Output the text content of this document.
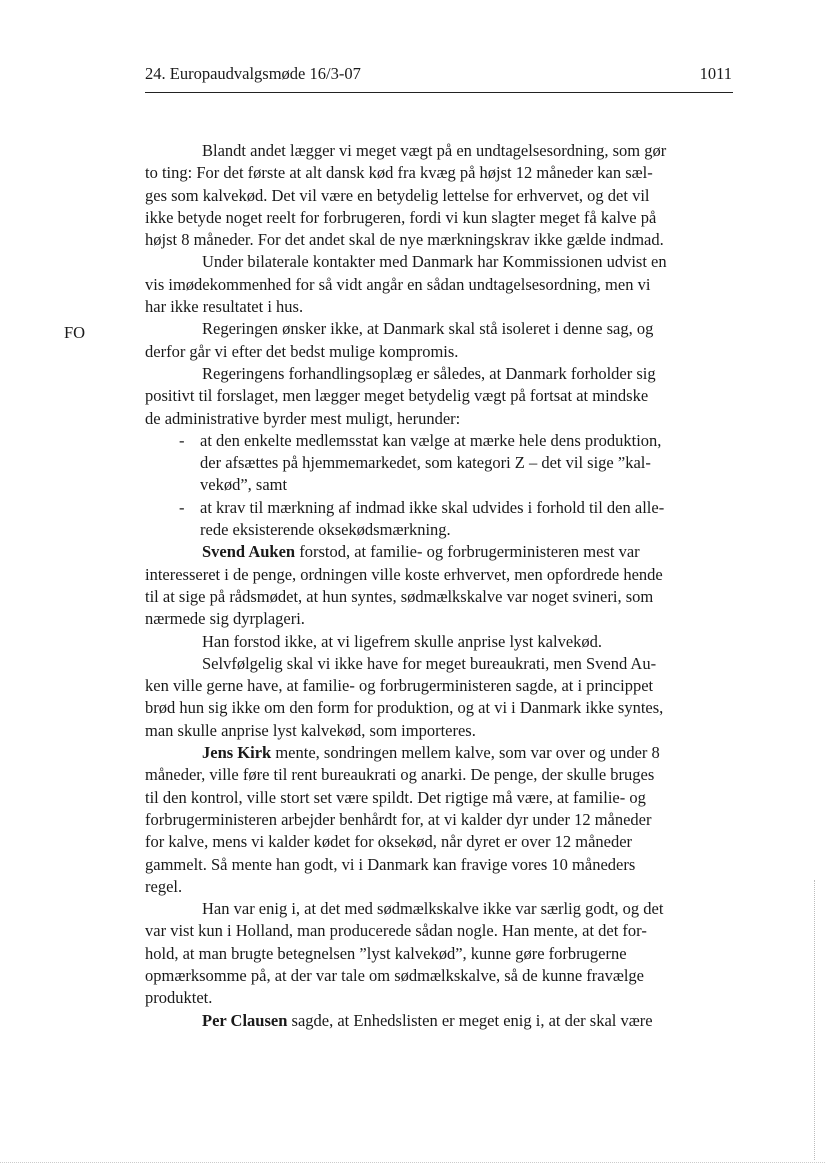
24. Europaudvalgsmøde 16/3-07	1011
FO

Blandt andet lægger vi meget vægt på en undtagelsesordning, som gør
to ting: For det første at alt dansk kød fra kvæg på højst 12 måneder kan sæl-
ges som kalvekød. Det vil være en betydelig lettelse for erhvervet, og det vil
ikke betyde noget reelt for forbrugeren, fordi vi kun slagter meget få kalve på
højst 8 måneder. For det andet skal de nye mærkningskrav ikke gælde indmad.

Under bilaterale kontakter med Danmark har Kommissionen udvist en
vis imødekommenhed for så vidt angår en sådan undtagelsesordning, men vi
har ikke resultatet i hus.

Regeringen ønsker ikke, at Danmark skal stå isoleret i denne sag, og
derfor går vi efter det bedst mulige kompromis.

Regeringens forhandlingsoplæg er således, at Danmark forholder sig
positivt til forslaget, men lægger meget betydelig vægt på fortsat at mindske
de administrative byrder mest muligt, herunder:

- at den enkelte medlemsstat kan vælge at mærke hele dens produktion,
der afsættes på hjemmemarkedet, som kategori Z – det vil sige ”kal-
vekød”, samt

- at krav til mærkning af indmad ikke skal udvides i forhold til den alle-
rede eksisterende oksekødsmærkning.

Svend Auken forstod, at familie- og forbrugerministeren mest var
interesseret i de penge, ordningen ville koste erhvervet, men opfordrede hende
til at sige på rådsmødet, at hun syntes, sødmælkskalve var noget svineri, som
nærmede sig dyrplageri.

Han forstod ikke, at vi ligefrem skulle anprise lyst kalvekød.

Selvfølgelig skal vi ikke have for meget bureaukrati, men Svend Au-
ken ville gerne have, at familie- og forbrugerministeren sagde, at i princippet
brød hun sig ikke om den form for produktion, og at vi i Danmark ikke syntes,
man skulle anprise lyst kalvekød, som importeres.

Jens Kirk mente, sondringen mellem kalve, som var over og under 8
måneder, ville føre til rent bureaukrati og anarki. De penge, der skulle bruges
til den kontrol, ville stort set være spildt. Det rigtige må være, at familie- og
forbrugerministeren arbejder benhårdt for, at vi kalder dyr under 12 måneder
for kalve, mens vi kalder kødet for oksekød, når dyret er over 12 måneder
gammelt. Så mente han godt, vi i Danmark kan fravige vores 10 måneders
regel.

Han var enig i, at det med sødmælkskalve ikke var særlig godt, og det
var vist kun i Holland, man producerede sådan nogle. Han mente, at det for-
hold, at man brugte betegnelsen ”lyst kalvekød”, kunne gøre forbrugerne
opmærksomme på, at der var tale om sødmælkskalve, så de kunne fravælge
produktet.

Per Clausen sagde, at Enhedslisten er meget enig i, at der skal være
